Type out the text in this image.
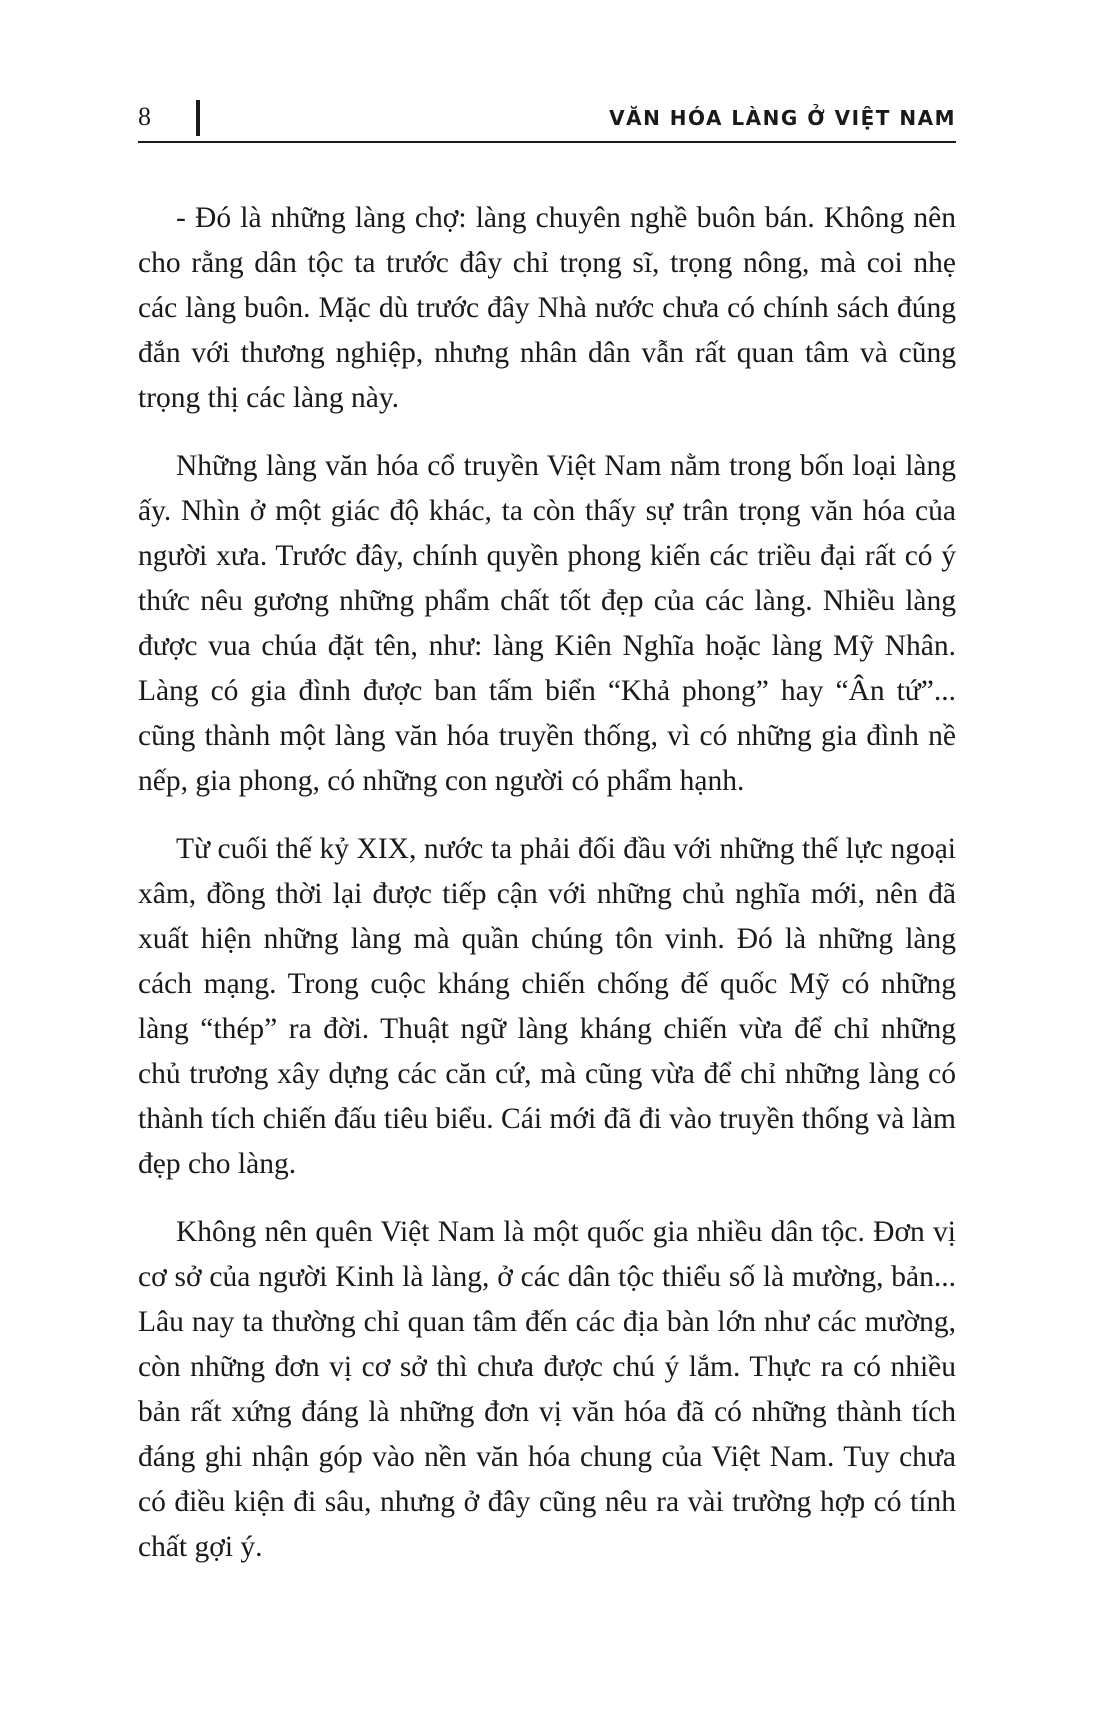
8	VĂN HÓA LÀNG Ở VIỆT NAM

- Đó là những làng chợ: làng chuyên nghề buôn bán. Không nên cho rằng dân tộc ta trước đây chỉ trọng sĩ, trọng nông, mà coi nhẹ các làng buôn. Mặc dù trước đây Nhà nước chưa có chính sách đúng đắn với thương nghiệp, nhưng nhân dân vẫn rất quan tâm và cũng trọng thị các làng này.

Những làng văn hóa cổ truyền Việt Nam nằm trong bốn loại làng ấy. Nhìn ở một giác độ khác, ta còn thấy sự trân trọng văn hóa của người xưa. Trước đây, chính quyền phong kiến các triều đại rất có ý thức nêu gương những phẩm chất tốt đẹp của các làng. Nhiều làng được vua chúa đặt tên, như: làng Kiên Nghĩa hoặc làng Mỹ Nhân. Làng có gia đình được ban tấm biển “Khả phong” hay “Ân tứ”... cũng thành một làng văn hóa truyền thống, vì có những gia đình nề nếp, gia phong, có những con người có phẩm hạnh.

Từ cuối thế kỷ XIX, nước ta phải đối đầu với những thế lực ngoại xâm, đồng thời lại được tiếp cận với những chủ nghĩa mới, nên đã xuất hiện những làng mà quần chúng tôn vinh. Đó là những làng cách mạng. Trong cuộc kháng chiến chống đế quốc Mỹ có những làng “thép” ra đời. Thuật ngữ làng kháng chiến vừa để chỉ những chủ trương xây dựng các căn cứ, mà cũng vừa để chỉ những làng có thành tích chiến đấu tiêu biểu. Cái mới đã đi vào truyền thống và làm đẹp cho làng.

Không nên quên Việt Nam là một quốc gia nhiều dân tộc. Đơn vị cơ sở của người Kinh là làng, ở các dân tộc thiểu số là mường, bản... Lâu nay ta thường chỉ quan tâm đến các địa bàn lớn như các mường, còn những đơn vị cơ sở thì chưa được chú ý lắm. Thực ra có nhiều bản rất xứng đáng là những đơn vị văn hóa đã có những thành tích đáng ghi nhận góp vào nền văn hóa chung của Việt Nam. Tuy chưa có điều kiện đi sâu, nhưng ở đây cũng nêu ra vài trường hợp có tính chất gợi ý.
